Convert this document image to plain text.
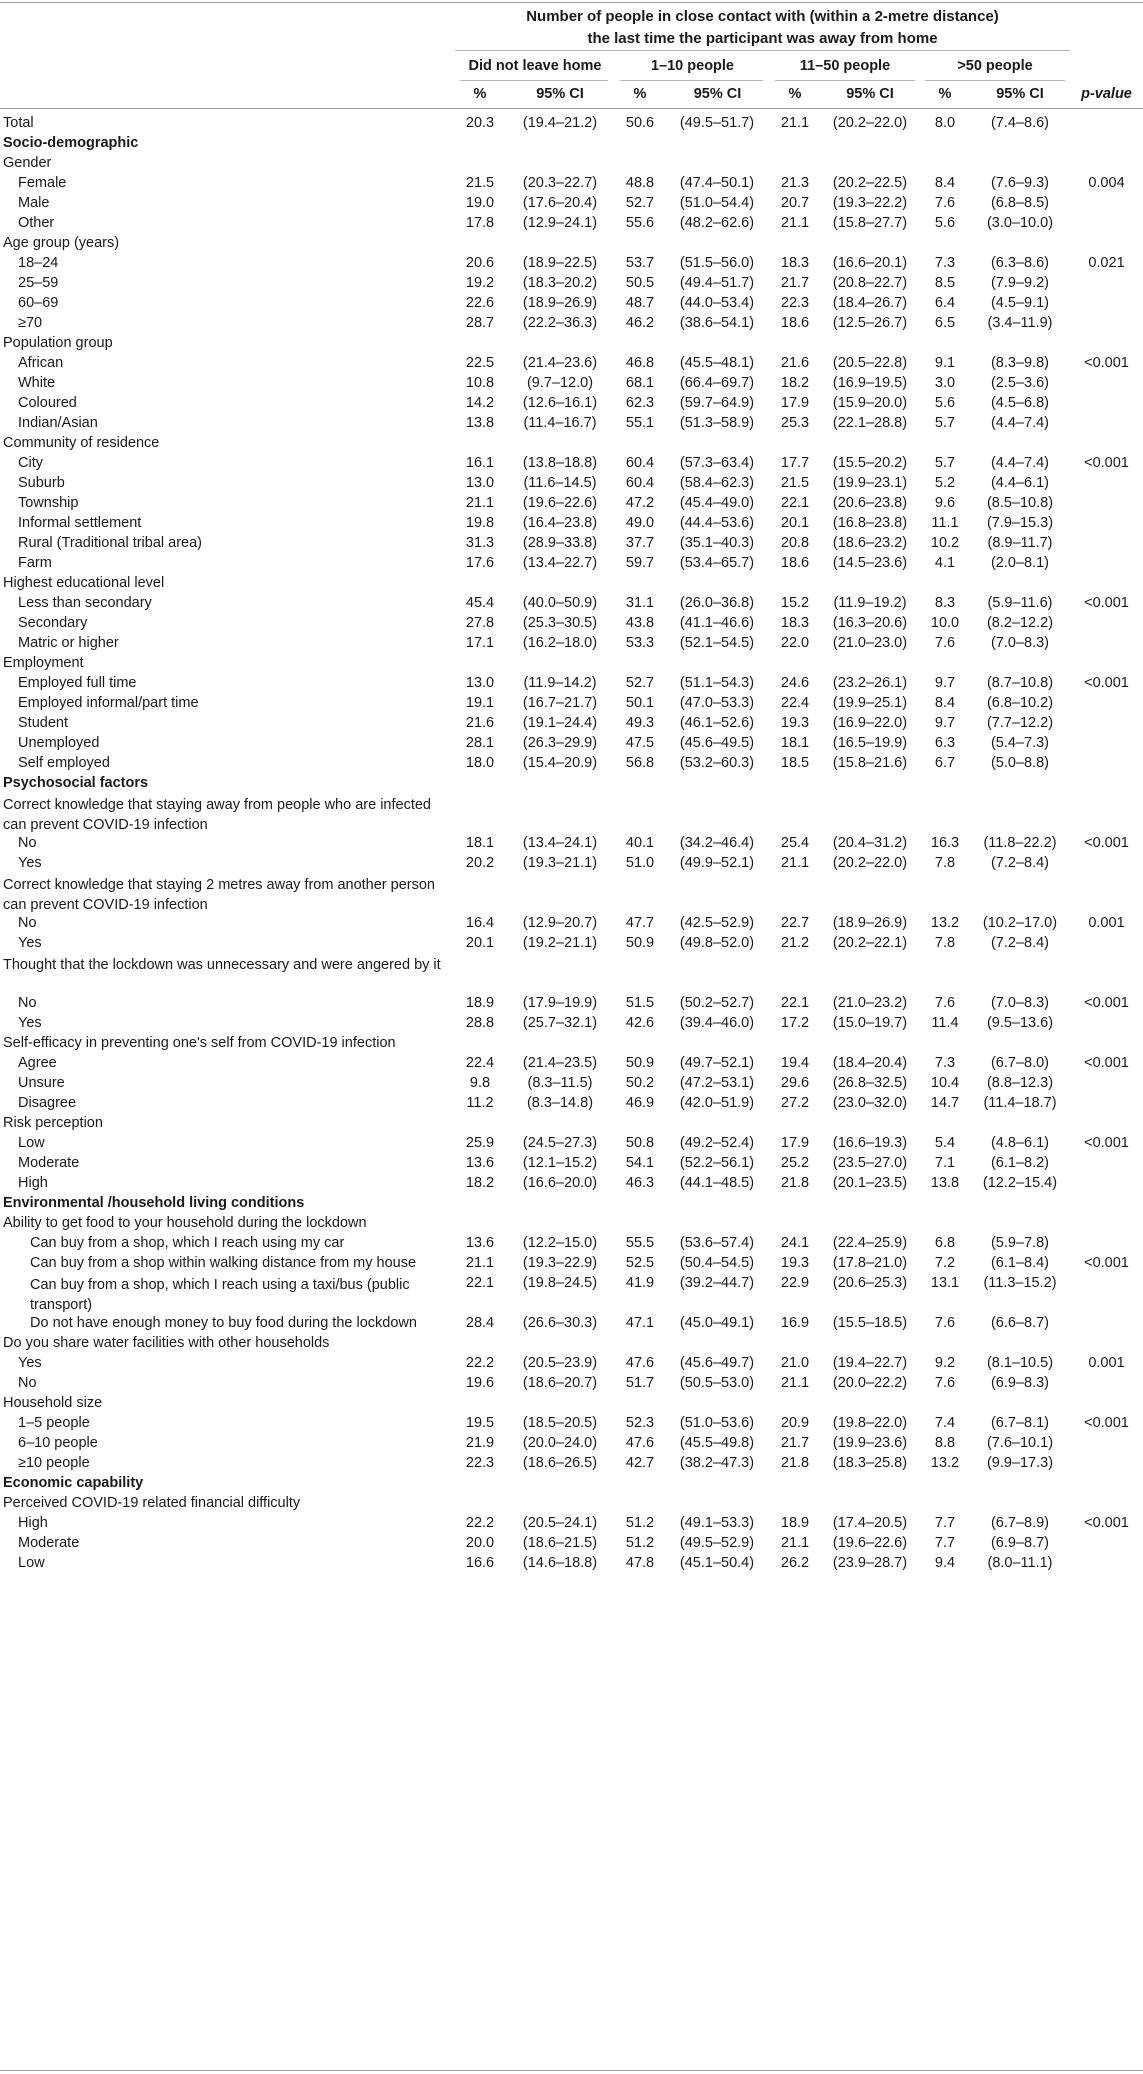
Number of people in close contact with (within a 2-metre distance)
the last time the participant was away from home
Did not leave home	1–10 people	11–50 people	>50 people
%	95% CI	%	95% CI	%	95% CI	%	95% CI	p-value
Total	20.3	(19.4–21.2)	50.6	(49.5–51.7)	21.1	(20.2–22.0)	8.0	(7.4–8.6)
Socio-demographic
Gender
Female	21.5	(20.3–22.7)	48.8	(47.4–50.1)	21.3	(20.2–22.5)	8.4	(7.6–9.3)	0.004
Male	19.0	(17.6–20.4)	52.7	(51.0–54.4)	20.7	(19.3–22.2)	7.6	(6.8–8.5)
Other	17.8	(12.9–24.1)	55.6	(48.2–62.6)	21.1	(15.8–27.7)	5.6	(3.0–10.0)
Age group (years)
18–24	20.6	(18.9–22.5)	53.7	(51.5–56.0)	18.3	(16.6–20.1)	7.3	(6.3–8.6)	0.021
25–59	19.2	(18.3–20.2)	50.5	(49.4–51.7)	21.7	(20.8–22.7)	8.5	(7.9–9.2)
60–69	22.6	(18.9–26.9)	48.7	(44.0–53.4)	22.3	(18.4–26.7)	6.4	(4.5–9.1)
≥70	28.7	(22.2–36.3)	46.2	(38.6–54.1)	18.6	(12.5–26.7)	6.5	(3.4–11.9)
Population group
African	22.5	(21.4–23.6)	46.8	(45.5–48.1)	21.6	(20.5–22.8)	9.1	(8.3–9.8)	<0.001
White	10.8	(9.7–12.0)	68.1	(66.4–69.7)	18.2	(16.9–19.5)	3.0	(2.5–3.6)
Coloured	14.2	(12.6–16.1)	62.3	(59.7–64.9)	17.9	(15.9–20.0)	5.6	(4.5–6.8)
Indian/Asian	13.8	(11.4–16.7)	55.1	(51.3–58.9)	25.3	(22.1–28.8)	5.7	(4.4–7.4)
Community of residence
City	16.1	(13.8–18.8)	60.4	(57.3–63.4)	17.7	(15.5–20.2)	5.7	(4.4–7.4)	<0.001
Suburb	13.0	(11.6–14.5)	60.4	(58.4–62.3)	21.5	(19.9–23.1)	5.2	(4.4–6.1)
Township	21.1	(19.6–22.6)	47.2	(45.4–49.0)	22.1	(20.6–23.8)	9.6	(8.5–10.8)
Informal settlement	19.8	(16.4–23.8)	49.0	(44.4–53.6)	20.1	(16.8–23.8)	11.1	(7.9–15.3)
Rural (Traditional tribal area)	31.3	(28.9–33.8)	37.7	(35.1–40.3)	20.8	(18.6–23.2)	10.2	(8.9–11.7)
Farm	17.6	(13.4–22.7)	59.7	(53.4–65.7)	18.6	(14.5–23.6)	4.1	(2.0–8.1)
Highest educational level
Less than secondary	45.4	(40.0–50.9)	31.1	(26.0–36.8)	15.2	(11.9–19.2)	8.3	(5.9–11.6)	<0.001
Secondary	27.8	(25.3–30.5)	43.8	(41.1–46.6)	18.3	(16.3–20.6)	10.0	(8.2–12.2)
Matric or higher	17.1	(16.2–18.0)	53.3	(52.1–54.5)	22.0	(21.0–23.0)	7.6	(7.0–8.3)
Employment
Employed full time	13.0	(11.9–14.2)	52.7	(51.1–54.3)	24.6	(23.2–26.1)	9.7	(8.7–10.8)	<0.001
Employed informal/part time	19.1	(16.7–21.7)	50.1	(47.0–53.3)	22.4	(19.9–25.1)	8.4	(6.8–10.2)
Student	21.6	(19.1–24.4)	49.3	(46.1–52.6)	19.3	(16.9–22.0)	9.7	(7.7–12.2)
Unemployed	28.1	(26.3–29.9)	47.5	(45.6–49.5)	18.1	(16.5–19.9)	6.3	(5.4–7.3)
Self employed	18.0	(15.4–20.9)	56.8	(53.2–60.3)	18.5	(15.8–21.6)	6.7	(5.0–8.8)
Psychosocial factors
Correct knowledge that staying away from people who are infected can prevent COVID-19 infection
No	18.1	(13.4–24.1)	40.1	(34.2–46.4)	25.4	(20.4–31.2)	16.3	(11.8–22.2)	<0.001
Yes	20.2	(19.3–21.1)	51.0	(49.9–52.1)	21.1	(20.2–22.0)	7.8	(7.2–8.4)
Correct knowledge that staying 2 metres away from another person can prevent COVID-19 infection
No	16.4	(12.9–20.7)	47.7	(42.5–52.9)	22.7	(18.9–26.9)	13.2	(10.2–17.0)	0.001
Yes	20.1	(19.2–21.1)	50.9	(49.8–52.0)	21.2	(20.2–22.1)	7.8	(7.2–8.4)
Thought that the lockdown was unnecessary and were angered by it
No	18.9	(17.9–19.9)	51.5	(50.2–52.7)	22.1	(21.0–23.2)	7.6	(7.0–8.3)	<0.001
Yes	28.8	(25.7–32.1)	42.6	(39.4–46.0)	17.2	(15.0–19.7)	11.4	(9.5–13.6)
Self-efficacy in preventing one's self from COVID-19 infection
Agree	22.4	(21.4–23.5)	50.9	(49.7–52.1)	19.4	(18.4–20.4)	7.3	(6.7–8.0)	<0.001
Unsure	9.8	(8.3–11.5)	50.2	(47.2–53.1)	29.6	(26.8–32.5)	10.4	(8.8–12.3)
Disagree	11.2	(8.3–14.8)	46.9	(42.0–51.9)	27.2	(23.0–32.0)	14.7	(11.4–18.7)
Risk perception
Low	25.9	(24.5–27.3)	50.8	(49.2–52.4)	17.9	(16.6–19.3)	5.4	(4.8–6.1)	<0.001
Moderate	13.6	(12.1–15.2)	54.1	(52.2–56.1)	25.2	(23.5–27.0)	7.1	(6.1–8.2)
High	18.2	(16.6–20.0)	46.3	(44.1–48.5)	21.8	(20.1–23.5)	13.8	(12.2–15.4)
Environmental /household living conditions
Ability to get food to your household during the lockdown
Can buy from a shop, which I reach using my car	13.6	(12.2–15.0)	55.5	(53.6–57.4)	24.1	(22.4–25.9)	6.8	(5.9–7.8)
Can buy from a shop within walking distance from my house	21.1	(19.3–22.9)	52.5	(50.4–54.5)	19.3	(17.8–21.0)	7.2	(6.1–8.4)	<0.001
Can buy from a shop, which I reach using a taxi/bus (public transport)
22.1	(19.8–24.5)	41.9	(39.2–44.7)	22.9	(20.6–25.3)	13.1	(11.3–15.2)
Do not have enough money to buy food during the lockdown	28.4	(26.6–30.3)	47.1	(45.0–49.1)	16.9	(15.5–18.5)	7.6	(6.6–8.7)
Do you share water facilities with other households
Yes	22.2	(20.5–23.9)	47.6	(45.6–49.7)	21.0	(19.4–22.7)	9.2	(8.1–10.5)	0.001
No	19.6	(18.6–20.7)	51.7	(50.5–53.0)	21.1	(20.0–22.2)	7.6	(6.9–8.3)
Household size
1–5 people	19.5	(18.5–20.5)	52.3	(51.0–53.6)	20.9	(19.8–22.0)	7.4	(6.7–8.1)	<0.001
6–10 people	21.9	(20.0–24.0)	47.6	(45.5–49.8)	21.7	(19.9–23.6)	8.8	(7.6–10.1)
≥10 people	22.3	(18.6–26.5)	42.7	(38.2–47.3)	21.8	(18.3–25.8)	13.2	(9.9–17.3)
Economic capability
Perceived COVID-19 related financial difficulty
High	22.2	(20.5–24.1)	51.2	(49.1–53.3)	18.9	(17.4–20.5)	7.7	(6.7–8.9)	<0.001
Moderate	20.0	(18.6–21.5)	51.2	(49.5–52.9)	21.1	(19.6–22.6)	7.7	(6.9–8.7)
Low	16.6	(14.6–18.8)	47.8	(45.1–50.4)	26.2	(23.9–28.7)	9.4	(8.0–11.1)
